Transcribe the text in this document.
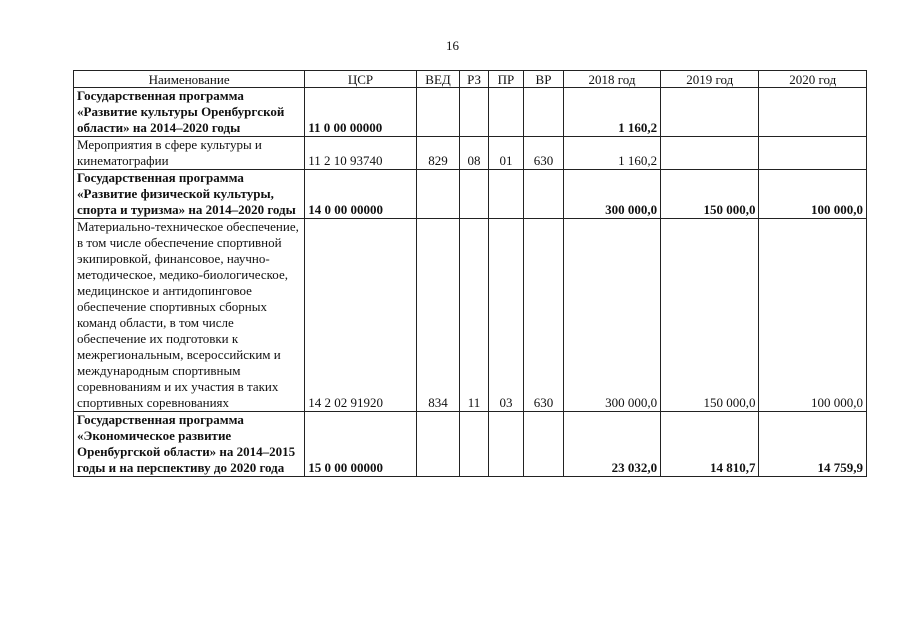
16
Наименование	ЦСР	ВЕД	РЗ	ПР	ВР	2018 год	2019 год	2020 год
Государственная программа «Развитие культуры Оренбургской области» на 2014–2020 годы	11 0 00 00000					1 160,2		
Мероприятия в сфере культуры и кинематографии	11 2 10 93740	829	08	01	630	1 160,2		
Государственная программа «Развитие физической культуры, спорта и туризма» на 2014–2020 годы	14 0 00 00000					300 000,0	150 000,0	100 000,0
Материально-техническое обеспечение, в том числе обеспечение спортивной экипировкой, финансовое, научно-методическое, медико-биологическое, медицинское и антидопинговое обеспечение спортивных сборных команд области, в том числе обеспечение их подготовки к межрегиональным, всероссийским и международным спортивным соревнованиям и их участия в таких спортивных соревнованиях	14 2 02 91920	834	11	03	630	300 000,0	150 000,0	100 000,0
Государственная программа «Экономическое развитие Оренбургской области» на 2014–2015 годы и на перспективу до 2020 года	15 0 00 00000					23 032,0	14 810,7	14 759,9
